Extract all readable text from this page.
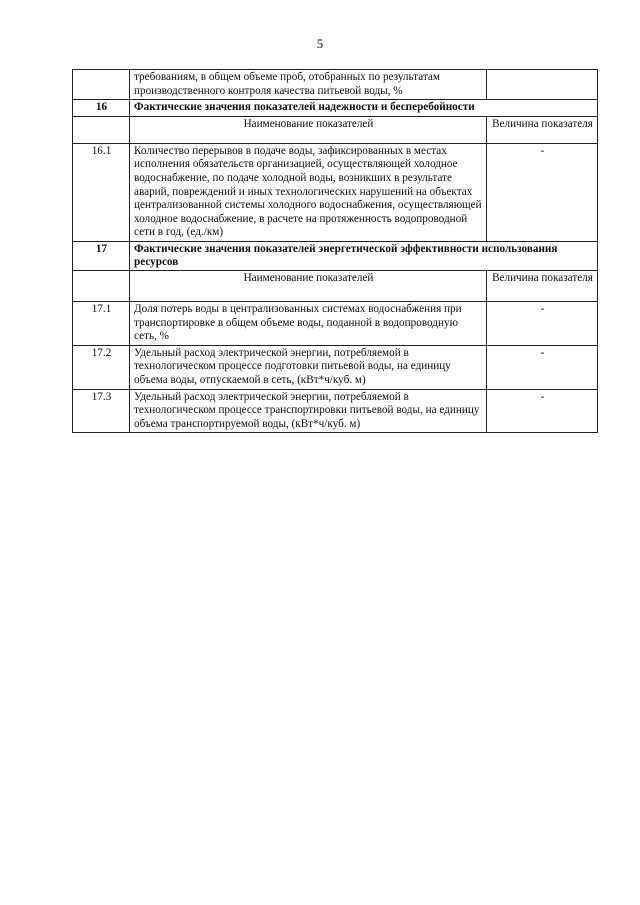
5
	требованиям, в общем объеме проб, отобранных по результатам производственного контроля качества питьевой воды, %	
16	Фактические значения показателей надежности и бесперебойности	
	Наименование показателей	Величина показателя
16.1	Количество перерывов в подаче воды, зафиксированных в местах исполнения обязательств организацией, осуществляющей холодное водоснабжение, по подаче холодной воды, возникших в результате аварий, повреждений и иных технологических нарушений на объектах централизованной системы холодного водоснабжения, осуществляющей холодное водоснабжение, в расчете на протяженность водопроводной сети в год, (ед./км)	-
17	Фактические значения показателей энергетической эффективности использования ресурсов	
	Наименование показателей	Величина показателя
17.1	Доля потерь воды в централизованных системах водоснабжения при транспортировке в общем объеме воды, поданной в водопроводную сеть, %	-
17.2	Удельный расход электрической энергии, потребляемой в технологическом процессе подготовки питьевой воды, на единицу объема воды, отпускаемой в сеть, (кВт*ч/куб. м)	-
17.3	Удельный расход электрической энергии, потребляемой в технологическом процессе транспортировки питьевой воды, на единицу объема транспортируемой воды, (кВт*ч/куб. м)	-
